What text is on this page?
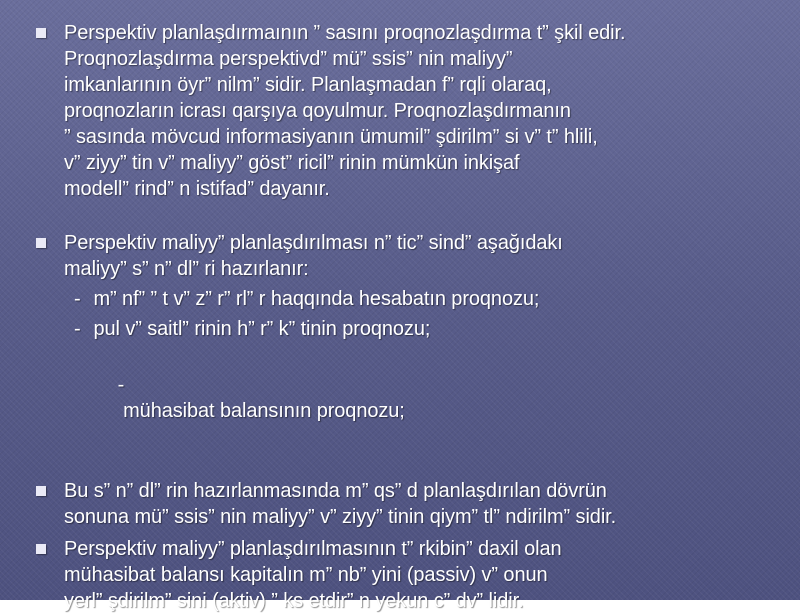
Perspektiv planlaşdırmaının ” sasını proqnozlaşdırma t” şkil edir.

Proqnozlaşdırma perspektivd” mü” ssis” nin maliyy”

imkanlarının öyr” nilm” sidir. Planlaşmadan f” rqli olaraq,

proqnozların icrası qarşıya qoyulmur. Proqnozlaşdırmanın

” sasında mövcud informasiyanın ümumil” şdirilm” si v” t” hlili,

v” ziyy” tin v” maliyy” göst” ricil” rinin mümkün inkişaf

modell” rind” n istifad” dayanır.

Perspektiv maliyy” planlaşdırılması n” tic” sind” aşağıdakı

maliyy” s” n” dl” ri hazırlanır:

- m” nf” ” t v” z” r” rl” r haqqında hesabatın proqnozu;

- pul v” saitl” rinin h” r” k” tinin proqnozu;

-
mühasibat balansının proqnozu;

Bu s” n” dl” rin hazırlanmasında m” qs” d planlaşdırılan dövrün

sonuna mü” ssis” nin maliyy” v” ziyy” tinin qiym” tl” ndirilm” sidir.

Perspektiv maliyy” planlaşdırılmasının t” rkibin” daxil olan

mühasibat balansı kapitalın m” nb” yini (passiv) v” onun

yerl” şdirilm” sini (aktiv) ” ks etdir” n yekun c” dv” lidir.
